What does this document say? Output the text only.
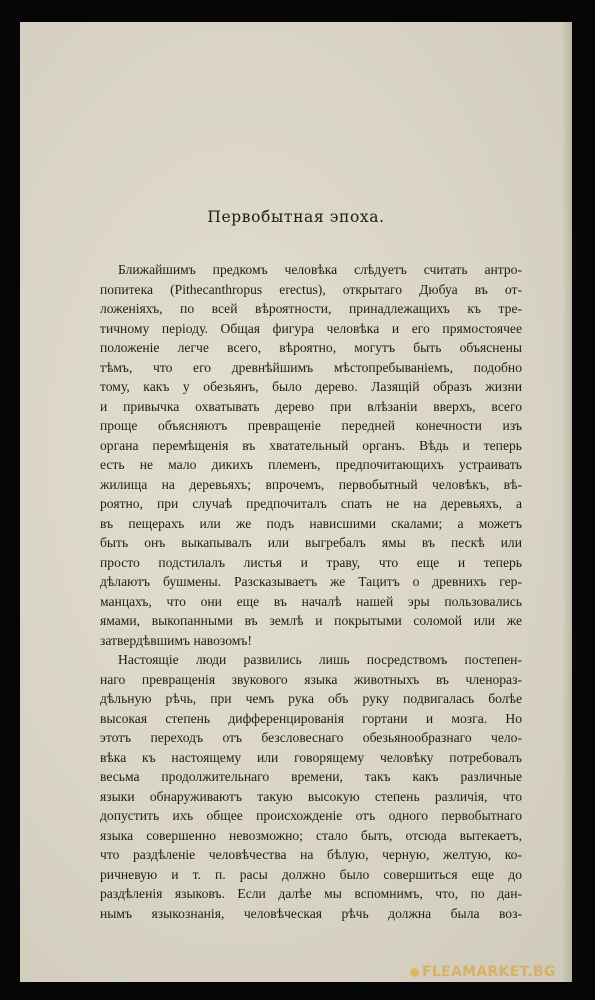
Первобытная эпоха.
Ближайшимъ предкомъ человѣка слѣдуетъ считать антро-
попитека (Pithecanthropus erectus), открытаго Дюбуа въ от-
ложеніяхъ, по всей вѣроятности, принадлежащихъ къ тре-
тичному періоду. Общая фигура человѣка и его прямостоячее
положеніе легче всего, вѣроятно, могутъ быть объяснены
тѣмъ, что его древнѣйшимъ мѣстопребываніемъ, подобно
тому, какъ у обезьянъ, было дерево. Лазящій образъ жизни
и привычка охватывать дерево при влѣзаніи вверхъ, всего
проще объясняютъ превращеніе передней конечности изъ
органа перемѣщенія въ хватательный органъ. Вѣдь и теперь
есть не мало дикихъ племенъ, предпочитающихъ устраивать
жилища на деревьяхъ; впрочемъ, первобытный человѣкъ, вѣ-
роятно, при случаѣ предпочиталъ спать не на деревьяхъ, а
въ пещерахъ или же подъ нависшими скалами; а можетъ
быть онъ выкапывалъ или выгребалъ ямы въ пескѣ или
просто подстилалъ листья и траву, что еще и теперь
дѣлаютъ бушмены. Разсказываетъ же Тацитъ о древнихъ гер-
манцахъ, что они еще въ началѣ нашей эры пользовались
ямами, выкопанными въ землѣ и покрытыми соломой или же
затвердѣвшимъ навозомъ!
Настоящіе люди развились лишь посредствомъ постепен-
наго превращенія звукового языка животныхъ въ членораз-
дѣльную рѣчь, при чемъ рука объ руку подвигалась болѣе
высокая степень дифференцированія гортани и мозга. Но
этотъ переходъ отъ безсловеснаго обезьянообразнаго чело-
вѣка къ настоящему или говорящему человѣку потребовалъ
весьма продолжительнаго времени, такъ какъ различные
языки обнаруживаютъ такую высокую степень различія, что
допустить ихъ общее происхожденіе отъ одного первобытнаго
языка совершенно невозможно; стало быть, отсюда вытекаетъ,
что раздѣленіе человѣчества на бѣлую, черную, желтую, ко-
ричневую и т. п. расы должно было совершиться еще до
раздѣленія языковъ. Если далѣе мы вспомнимъ, что, по дан-
нымъ языкознанія, человѣческая рѣчь должна была воз-
FLEAMARKET.BG
